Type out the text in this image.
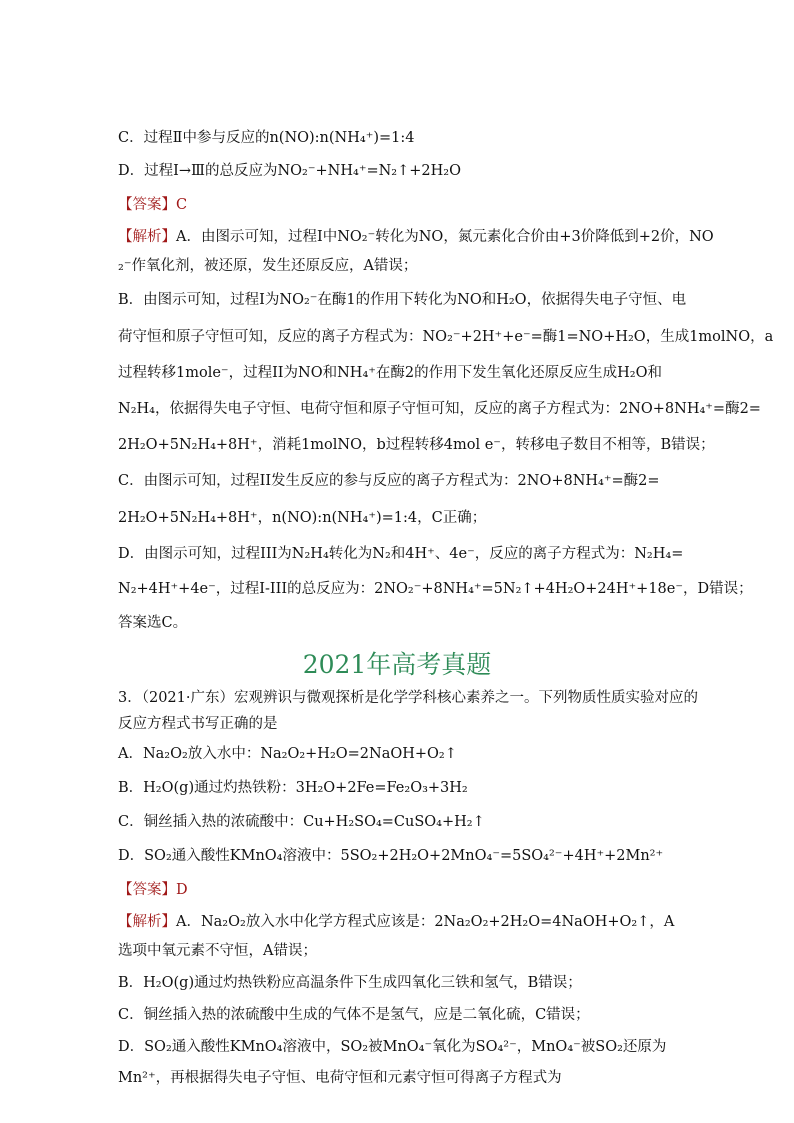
C．过程Ⅱ中参与反应的n(NO):n(NH₄⁺)=1:4
D．过程Ⅰ→Ⅲ的总反应为NO₂⁻+NH₄⁺=N₂↑+2H₂O
【答案】C
【解析】A．由图示可知，过程Ⅰ中NO₂⁻转化为NO，氮元素化合价由+3价降低到+2价，NO
₂⁻作氧化剂，被还原，发生还原反应，A错误；
B．由图示可知，过程Ⅰ为NO₂⁻在酶1的作用下转化为NO和H₂O，依据得失电子守恒、电
荷守恒和原子守恒可知，反应的离子方程式为：NO₂⁻+2H⁺+e⁻=酶1=NO+H₂O，生成1molNO，a
过程转移1mole⁻，过程II为NO和NH₄⁺在酶2的作用下发生氧化还原反应生成H₂O和
N₂H₄，依据得失电子守恒、电荷守恒和原子守恒可知，反应的离子方程式为：2NO+8NH₄⁺=酶2=
2H₂O+5N₂H₄+8H⁺，消耗1molNO，b过程转移4mol e⁻，转移电子数目不相等，B错误；
C．由图示可知，过程II发生反应的参与反应的离子方程式为：2NO+8NH₄⁺=酶2=
2H₂O+5N₂H₄+8H⁺，n(NO):n(NH₄⁺)=1:4，C正确；
D．由图示可知，过程III为N₂H₄转化为N₂和4H⁺、4e⁻，反应的离子方程式为：N₂H₄=
N₂+4H⁺+4e⁻，过程I-III的总反应为：2NO₂⁻+8NH₄⁺=5N₂↑+4H₂O+24H⁺+18e⁻，D错误；
答案选C。
2021年高考真题
3．（2021·广东）宏观辨识与微观探析是化学学科核心素养之一。下列物质性质实验对应的
反应方程式书写正确的是
A．Na₂O₂放入水中：Na₂O₂+H₂O=2NaOH+O₂↑
B．H₂O(g)通过灼热铁粉：3H₂O+2Fe=Fe₂O₃+3H₂
C．铜丝插入热的浓硫酸中：Cu+H₂SO₄=CuSO₄+H₂↑
D．SO₂通入酸性KMnO₄溶液中：5SO₂+2H₂O+2MnO₄⁻=5SO₄²⁻+4H⁺+2Mn²⁺
【答案】D
【解析】A．Na₂O₂放入水中化学方程式应该是：2Na₂O₂+2H₂O=4NaOH+O₂↑，A
选项中氧元素不守恒，A错误；
B．H₂O(g)通过灼热铁粉应高温条件下生成四氧化三铁和氢气，B错误；
C．铜丝插入热的浓硫酸中生成的气体不是氢气，应是二氧化硫，C错误；
D．SO₂通入酸性KMnO₄溶液中，SO₂被MnO₄⁻氧化为SO₄²⁻，MnO₄⁻被SO₂还原为
Mn²⁺，再根据得失电子守恒、电荷守恒和元素守恒可得离子方程式为
